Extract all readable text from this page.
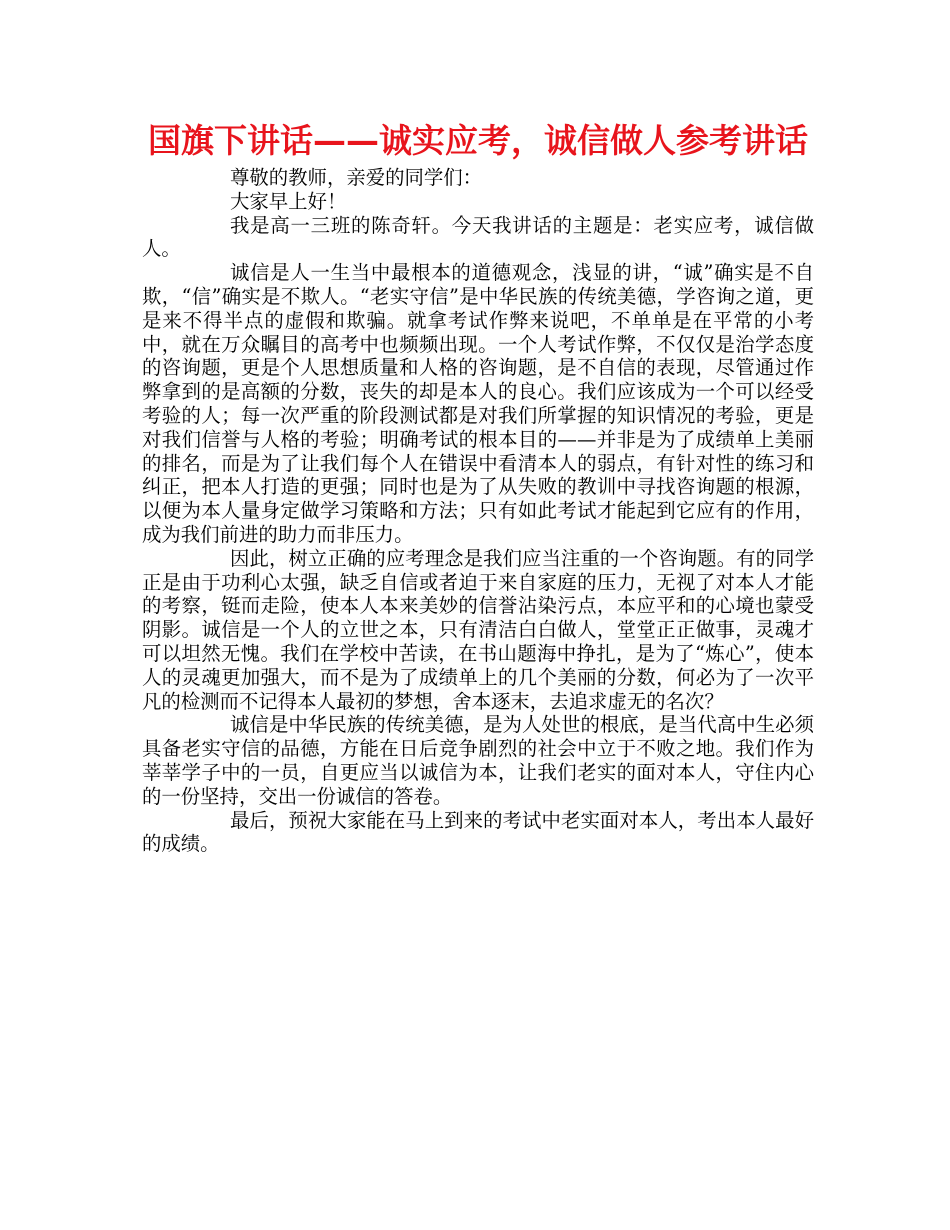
国旗下讲话——诚实应考，诚信做人参考讲话

尊敬的教师，亲爱的同学们：

大家早上好！

我是高一三班的陈奇轩。今天我讲话的主题是：老实应考，诚信做人。

诚信是人一生当中最根本的道德观念，浅显的讲，“诚”确实是不自欺，“信”确实是不欺人。“老实守信”是中华民族的传统美德，学咨询之道，更是来不得半点的虚假和欺骗。就拿考试作弊来说吧，不单单是在平常的小考中，就在万众瞩目的高考中也频频出现。一个人考试作弊，不仅仅是治学态度的咨询题，更是个人思想质量和人格的咨询题，是不自信的表现，尽管通过作弊拿到的是高额的分数，丧失的却是本人的良心。我们应该成为一个可以经受考验的人；每一次严重的阶段测试都是对我们所掌握的知识情况的考验，更是对我们信誉与人格的考验；明确考试的根本目的——并非是为了成绩单上美丽的排名，而是为了让我们每个人在错误中看清本人的弱点，有针对性的练习和纠正，把本人打造的更强；同时也是为了从失败的教训中寻找咨询题的根源，以便为本人量身定做学习策略和方法；只有如此考试才能起到它应有的作用，成为我们前进的助力而非压力。

因此，树立正确的应考理念是我们应当注重的一个咨询题。有的同学正是由于功利心太强，缺乏自信或者迫于来自家庭的压力，无视了对本人才能的考察，铤而走险，使本人本来美妙的信誉沾染污点，本应平和的心境也蒙受阴影。诚信是一个人的立世之本，只有清洁白白做人，堂堂正正做事，灵魂才可以坦然无愧。我们在学校中苦读，在书山题海中挣扎，是为了“炼心”，使本人的灵魂更加强大，而不是为了成绩单上的几个美丽的分数，何必为了一次平凡的检测而不记得本人最初的梦想，舍本逐末，去追求虚无的名次？

诚信是中华民族的传统美德，是为人处世的根底，是当代高中生必须具备老实守信的品德，方能在日后竞争剧烈的社会中立于不败之地。我们作为莘莘学子中的一员，自更应当以诚信为本，让我们老实的面对本人，守住内心的一份坚持，交出一份诚信的答卷。

最后，预祝大家能在马上到来的考试中老实面对本人，考出本人最好的成绩。
